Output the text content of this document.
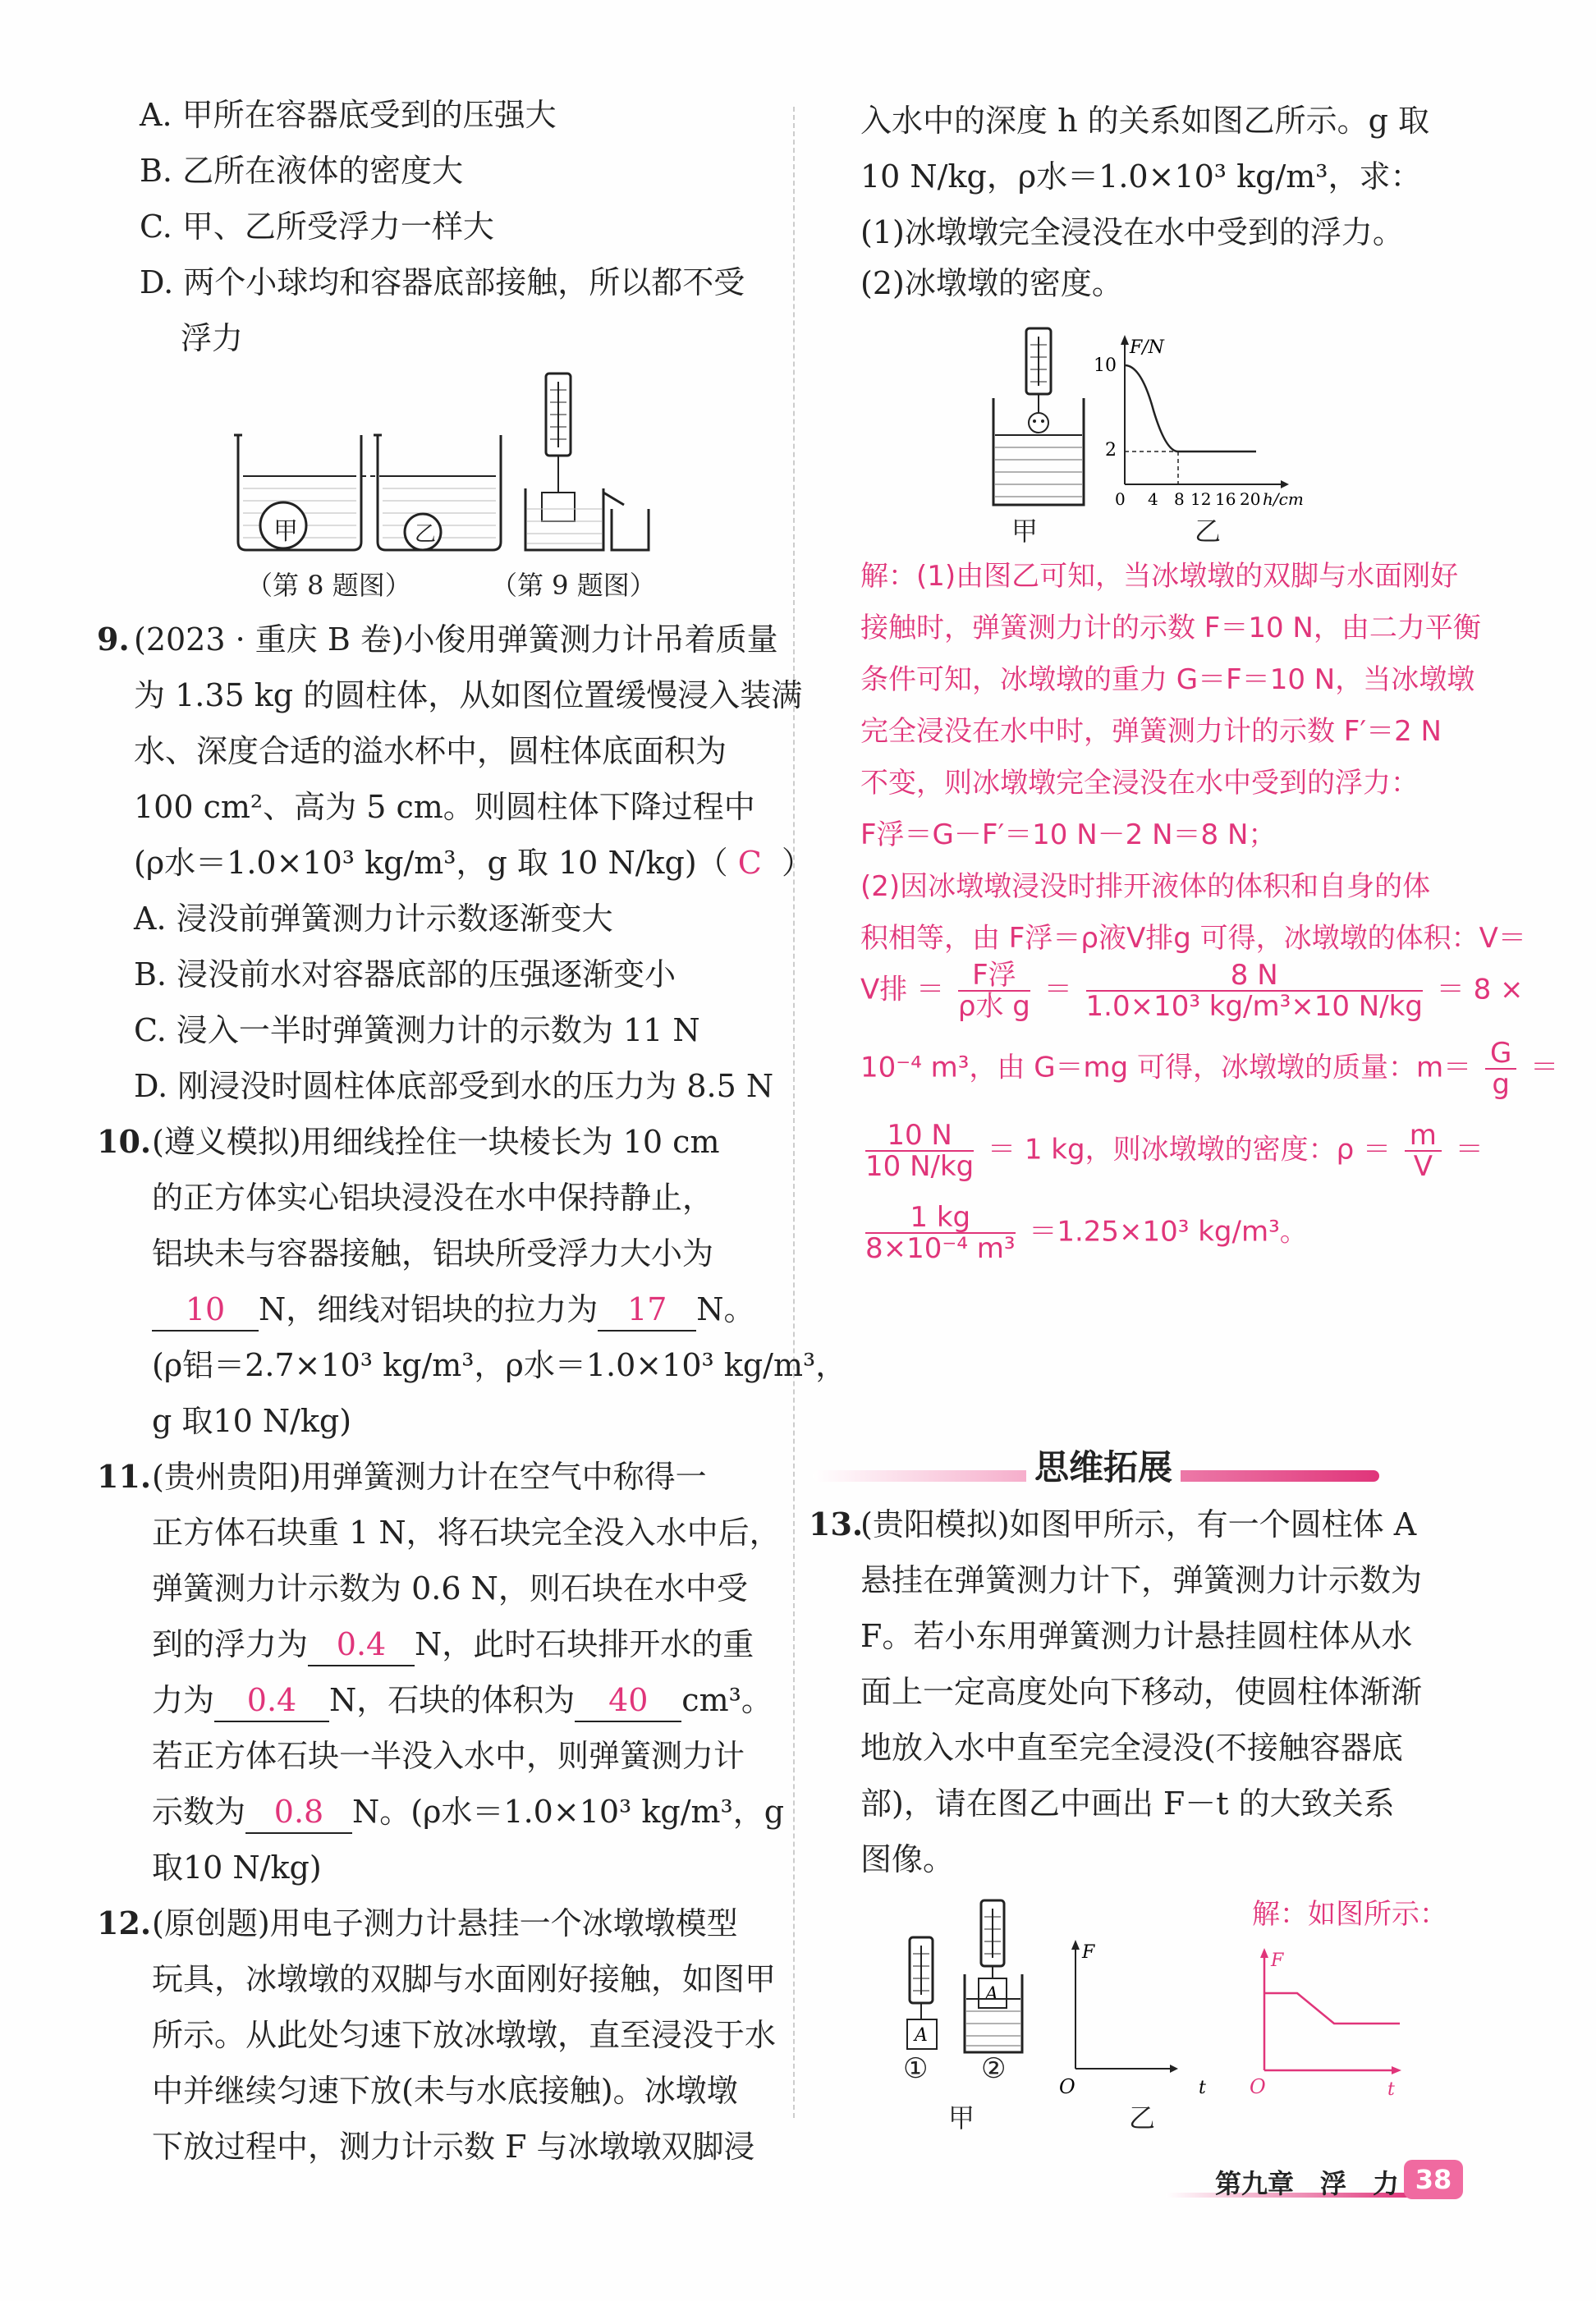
A. 甲所在容器底受到的压强大
B. 乙所在液体的密度大
C. 甲、乙所受浮力一样大
D. 两个小球均和容器底部接触，所以都不受
浮力
甲	乙
（第 8 题图）	（第 9 题图）
9. (2023 · 重庆 B 卷)小俊用弹簧测力计吊着质量
为 1.35 kg 的圆柱体，从如图位置缓慢浸入装满
水、深度合适的溢水杯中，圆柱体底面积为
100 cm²、高为 5 cm。则圆柱体下降过程中
(ρ水＝1.0×10³ kg/m³，g 取 10 N/kg)（ C ）
A. 浸没前弹簧测力计示数逐渐变大
B. 浸没前水对容器底部的压强逐渐变小
C. 浸入一半时弹簧测力计的示数为 11 N
D. 刚浸没时圆柱体底部受到水的压力为 8.5 N
10. (遵义模拟)用细线拴住一块棱长为 10 cm
的正方体实心铝块浸没在水中保持静止，
铝块未与容器接触，铝块所受浮力大小为
10 N，细线对铝块的拉力为 17 N。
(ρ铝＝2.7×10³ kg/m³，ρ水＝1.0×10³ kg/m³，
g 取10 N/kg)
11. (贵州贵阳)用弹簧测力计在空气中称得一
正方体石块重 1 N，将石块完全没入水中后，
弹簧测力计示数为 0.6 N，则石块在水中受
到的浮力为 0.4 N，此时石块排开水的重
力为 0.4 N，石块的体积为 40 cm³。
若正方体石块一半没入水中，则弹簧测力计
示数为 0.8 N。(ρ水＝1.0×10³ kg/m³，g
取10 N/kg)
12. (原创题)用电子测力计悬挂一个冰墩墩模型
玩具，冰墩墩的双脚与水面刚好接触，如图甲
所示。从此处匀速下放冰墩墩，直至浸没于水
中并继续匀速下放(未与水底接触)。冰墩墩
下放过程中，测力计示数 F 与冰墩墩双脚浸
入水中的深度 h 的关系如图乙所示。g 取
10 N/kg，ρ水＝1.0×10³ kg/m³，求：
(1)冰墩墩完全浸没在水中受到的浮力。
(2)冰墩墩的密度。
甲
F/N
10
2
0 4 8 12 16 20 h/cm
乙
解：(1)由图乙可知，当冰墩墩的双脚与水面刚好
接触时，弹簧测力计的示数 F＝10 N，由二力平衡
条件可知，冰墩墩的重力 G＝F＝10 N，当冰墩墩
完全浸没在水中时，弹簧测力计的示数 F′＝2 N
不变，则冰墩墩完全浸没在水中受到的浮力：
F浮＝G－F′＝10 N－2 N＝8 N；
(2)因冰墩墩浸没时排开液体的体积和自身的体
积相等，由 F浮＝ρ液V排g 可得，冰墩墩的体积：V＝
V排 ＝ $\frac{\text{F浮}}{\text{ρ水 g}} = \frac{8 N}{\text{1.0×10³ kg/m³×10 N/kg}} = 8$ ×
10⁻⁴ m³，由 G＝mg 可得，冰墩墩的质量：$m= \frac{G}{g}$ ＝
$\frac{10 N}{10 N/kg} = 1$ kg，则冰墩墩的密度：$\rho = \frac{m}{V}$ ＝
$\frac{1 kg}{\text{8×10⁻⁴ m³}} =1.25\times 10^3$ kg/m³。
思维拓展
13.
(贵阳模拟)如图甲所示，有一个圆柱体 A
悬挂在弹簧测力计下，弹簧测力计示数为
F。若小东用弹簧测力计悬挂圆柱体从水
面上一定高度处向下移动，使圆柱体渐渐
地放入水中直至完全浸没(不接触容器底
部)，请在图乙中画出 F－t 的大致关系
图像。
解：如图所示：
A
A
F
O	t
F
O	t
① ②
甲	乙
第九章　浮　力 38
